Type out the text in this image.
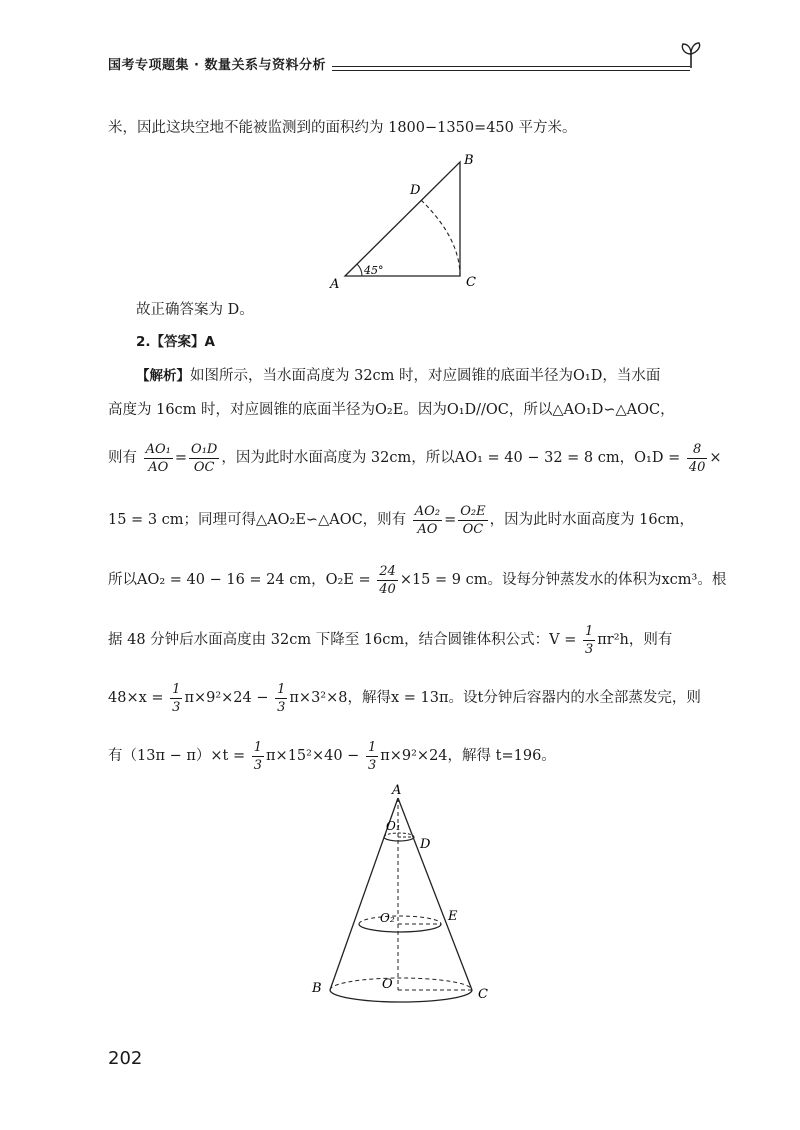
国考专项题集 · 数量关系与资料分析
米，因此这块空地不能被监测到的面积约为 1800−1350=450 平方米。
A
B
C
D
45°
故正确答案为 D。
2.【答案】A
【解析】如图所示，当水面高度为 32cm 时，对应圆锥的底面半径为O₁D，当水面
高度为 16cm 时，对应圆锥的底面半径为O₂E。因为O₁D//OC，所以△AO₁D∽△AOC，
则有 $\frac{\text{AO₁}}{AO} = \frac{\text{O₁D}}{OC}$ ，因为此时水面高度为 32cm，所以AO₁ = 40 − 32 = 8 cm，$O_1D = \frac{8}{40}$ ×
15 = 3 cm；同理可得△AO₂E∽△AOC，则有 $\frac{\text{AO₂}}{AO} = \frac{\text{O₂E}}{OC}$ ，因为此时水面高度为 16cm，
所以AO₂ = 40 − 16 = 24 cm，$O_2E = \frac{24}{40} \times 15 = 9$ cm。设每分钟蒸发水的体积为xcm³。根
据 48 分钟后水面高度由 32cm 下降至 16cm，结合圆锥体积公式：$V = \frac{1}{3} \pi r^2h$，则有
$48\times x = \frac{1}{3} \pi\times 9^2\times 24 - \frac{1}{3} \pi\times 3^2\times 8$，解得x = 13π。设t分钟后容器内的水全部蒸发完，则
有$(13\pi - \pi)\times t = \frac{1}{3} \pi\times 15^2\times 40 - \frac{1}{3} \pi\times 9^2\times 24$，解得 t=196。
A
B	C
D
E
O
O₁
O₂
202
